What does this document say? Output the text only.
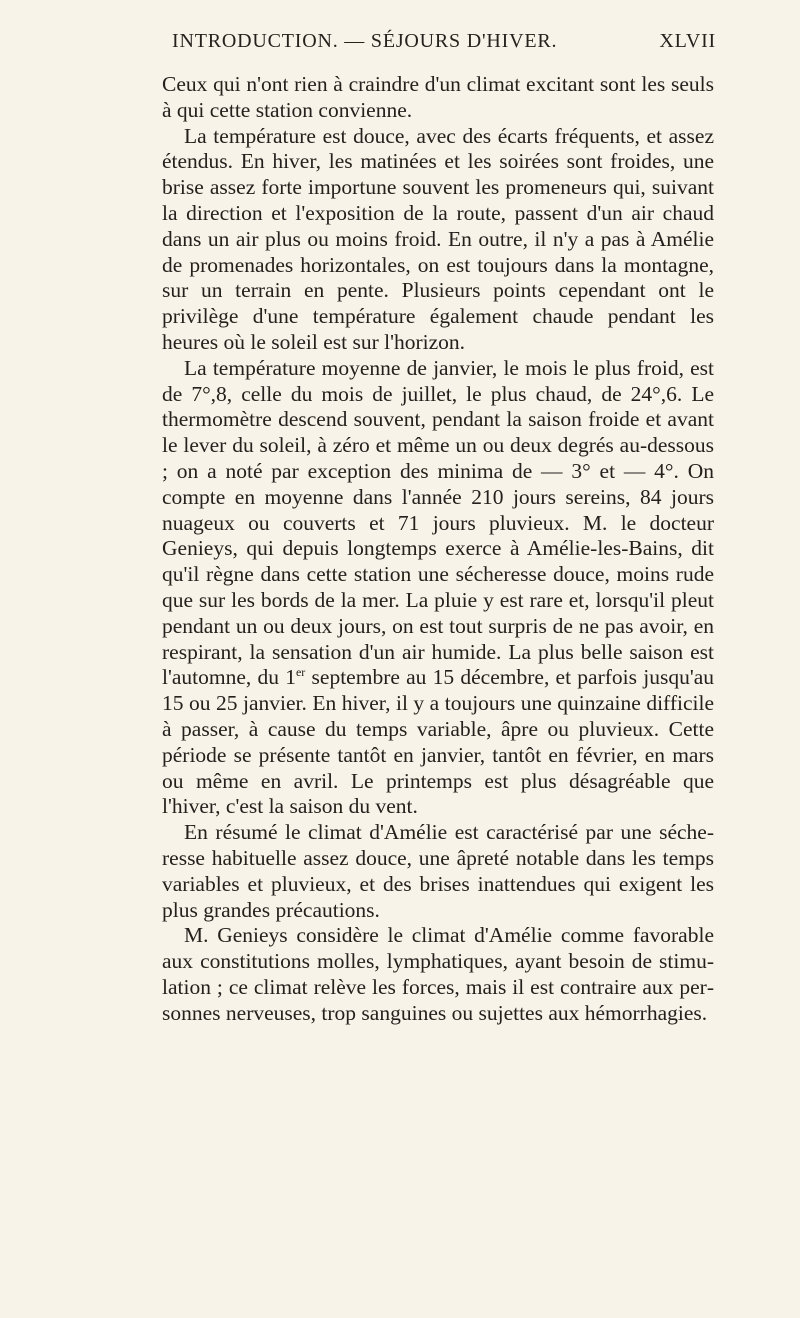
INTRODUCTION. — SÉJOURS D'HIVER.	XLVII

Ceux qui n'ont rien à craindre d'un climat excitant sont les seuls à qui cette station convienne.

La température est douce, avec des écarts fréquents, et assez étendus. En hiver, les matinées et les soirées sont froides, une brise assez forte importune souvent les promeneurs qui, suivant la direction et l'exposition de la route, passent d'un air chaud dans un air plus ou moins froid. En outre, il n'y a pas à Amélie de promenades horizontales, on est toujours dans la montagne, sur un terrain en pente. Plusieurs points cependant ont le privilège d'une température également chaude pendant les heures où le soleil est sur l'horizon.

La température moyenne de janvier, le mois le plus froid, est de 7°,8, celle du mois de juillet, le plus chaud, de 24°,6. Le thermomètre descend souvent, pendant la saison froide et avant le lever du soleil, à zéro et même un ou deux degrés au-dessous ; on a noté par exception des minima de — 3° et — 4°. On compte en moyenne dans l'année 210 jours sereins, 84 jours nuageux ou couverts et 71 jours pluvieux. M. le docteur Genieys, qui depuis longtemps exerce à Amélie-les-Bains, dit qu'il règne dans cette station une sécheresse douce, moins rude que sur les bords de la mer. La pluie y est rare et, lorsqu'il pleut pendant un ou deux jours, on est tout surpris de ne pas avoir, en respirant, la sensation d'un air humide. La plus belle saison est l'automne, du 1er septembre au 15 décembre, et parfois jusqu'au 15 ou 25 janvier. En hiver, il y a toujours une quinzaine difficile à passer, à cause du temps variable, âpre ou pluvieux. Cette période se présente tantôt en janvier, tantôt en février, en mars ou même en avril. Le printemps est plus désagréable que l'hiver, c'est la saison du vent.

En résumé le climat d'Amélie est caractérisé par une sécheresse habituelle assez douce, une âpreté notable dans les temps variables et pluvieux, et des brises inattendues qui exigent les plus grandes précautions.

M. Genieys considère le climat d'Amélie comme favorable aux constitutions molles, lymphatiques, ayant besoin de stimulation ; ce climat relève les forces, mais il est contraire aux personnes nerveuses, trop sanguines ou sujettes aux hémorrhagies.
